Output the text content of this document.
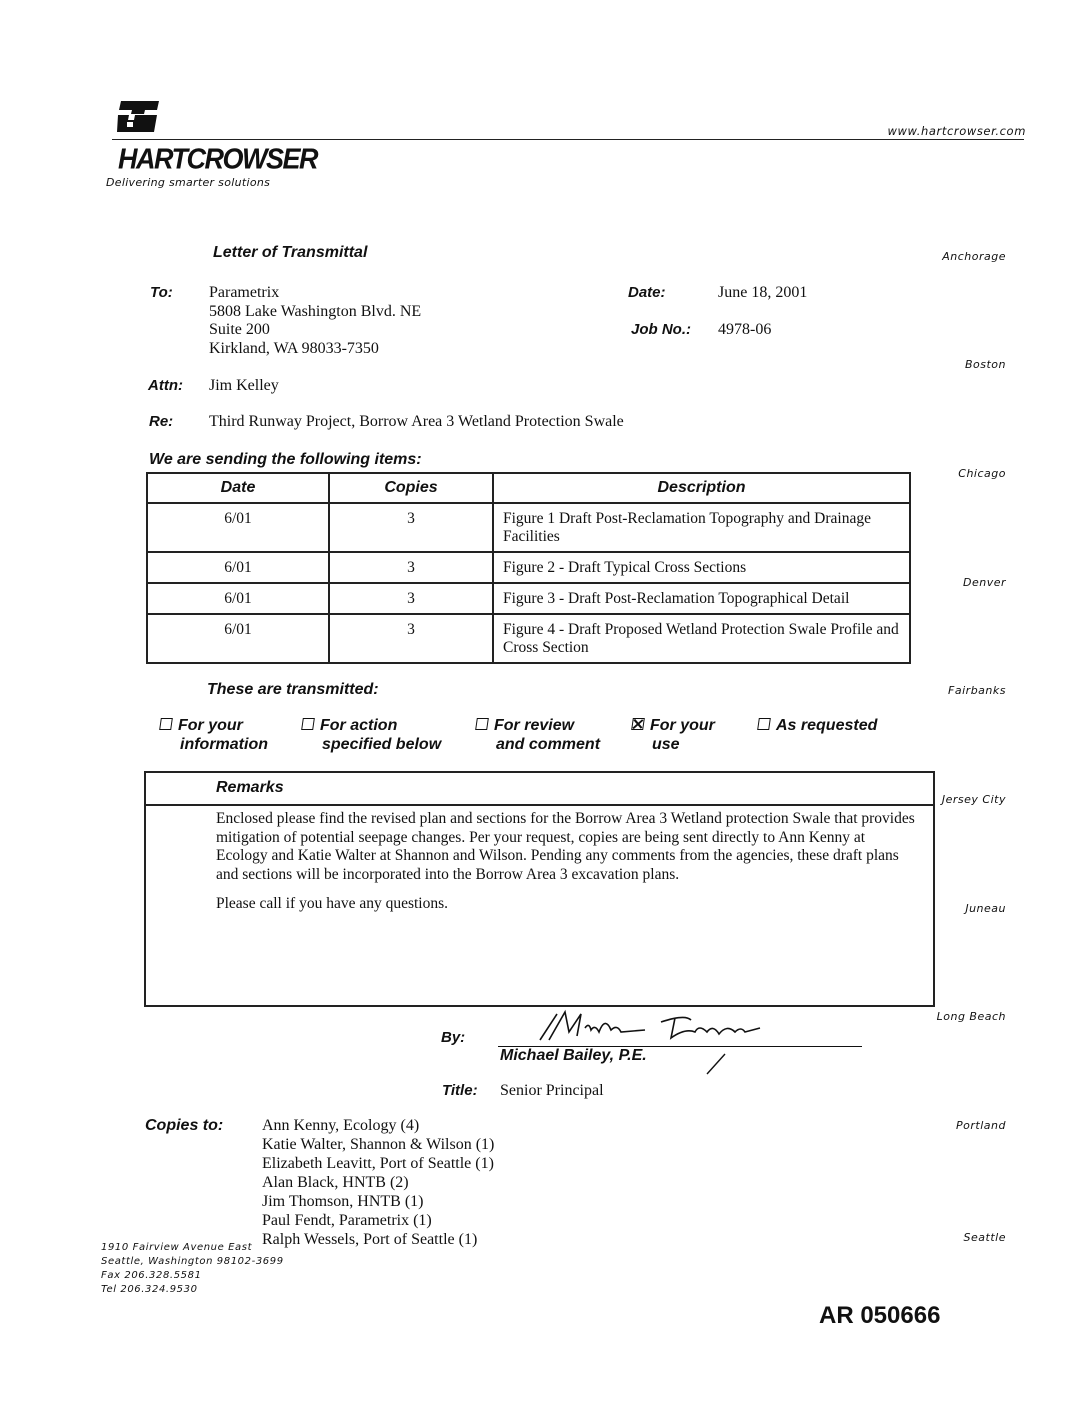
HARTCROWSER
Delivering smarter solutions
www.hartcrowser.com
Letter of Transmittal	Anchorage
Boston
Chicago
Denver
Fairbanks
Jersey City
Juneau
Long Beach
Portland
Seattle
To: Parametrix
5808 Lake Washington Blvd. NE
Suite 200
Kirkland, WA 98033-7350
Date:	June 18, 2001
Job No.: 4978-06
Attn: Jim Kelley
Re: Third Runway Project, Borrow Area 3 Wetland Protection Swale
We are sending the following items:
Date	Copies	Description
6/01	3	Figure 1 Draft Post-Reclamation Topography and Drainage Facilities
6/01	3	Figure 2 - Draft Typical Cross Sections
6/01	3	Figure 3 - Draft Post-Reclamation Topographical Detail
6/01	3	Figure 4 - Draft Proposed Wetland Protection Swale Profile and Cross Section
These are transmitted:
For your
information
For action
specified below
For review
and comment
For your
use
As requested
Remarks

Enclosed please find the revised plan and sections for the Borrow Area 3 Wetland protection Swale that provides mitigation of potential seepage changes. Per your request, copies are being sent directly to Ann Kenny at Ecology and Katie Walter at Shannon and Wilson. Pending any comments from the agencies, these draft plans and sections will be incorporated into the Borrow Area 3 excavation plans.

Please call if you have any questions.

By:
Michael Bailey, P.E.
Title: Senior Principal
Copies to: Ann Kenny, Ecology (4)
Katie Walter, Shannon & Wilson (1)
Elizabeth Leavitt, Port of Seattle (1)
Alan Black, HNTB (2)
Jim Thomson, HNTB (1)
Paul Fendt, Parametrix (1)
Ralph Wessels, Port of Seattle (1)
1910 Fairview Avenue East
Seattle, Washington 98102-3699
Fax 206.328.5581
Tel 206.324.9530
AR 050666
